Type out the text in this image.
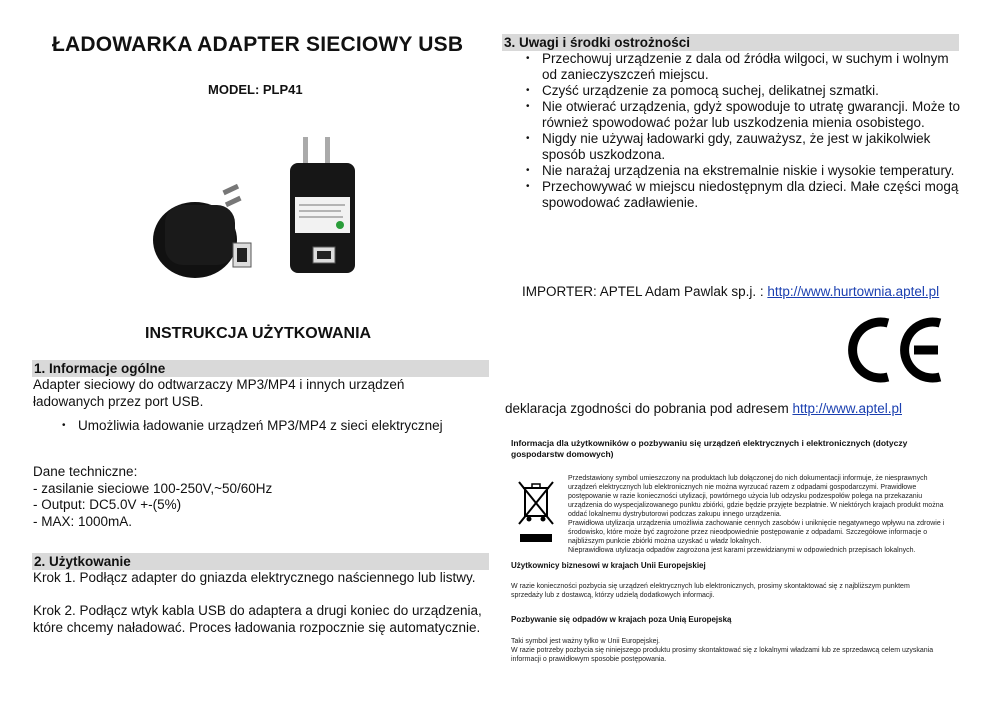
ŁADOWARKA ADAPTER SIECIOWY USB
MODEL: PLP41
INSTRUKCJA UŻYTKOWANIA
1. Informacje ogólne
Adapter sieciowy do odtwarzaczy MP3/MP4 i innych urządzeń ładowanych przez port USB.
• Umożliwia ładowanie urządzeń MP3/MP4 z sieci elektrycznej
Dane techniczne:
- zasilanie sieciowe 100-250V,~50/60Hz
- Output: DC5.0V +-(5%)
- MAX: 1000mA.
2. Użytkowanie
Krok 1. Podłącz adapter do gniazda elektrycznego naściennego lub listwy.
Krok 2. Podłącz wtyk kabla USB do adaptera a drugi koniec do urządzenia, które chcemy naładować. Proces ładowania rozpocznie się automatycznie.
3. Uwagi i środki ostrożności
• Przechowuj urządzenie z dala od źródła wilgoci, w suchym i wolnym od zanieczyszczeń miejscu.
• Czyść urządzenie za pomocą suchej, delikatnej szmatki.
• Nie otwierać urządzenia, gdyż spowoduje to utratę gwarancji. Może to również spowodować pożar lub uszkodzenia mienia osobistego.
• Nigdy nie używaj ładowarki gdy, zauważysz, że jest w jakikolwiek sposób uszkodzona.
• Nie narażaj urządzenia na ekstremalnie niskie i wysokie temperatury.
• Przechowywać w miejscu niedostępnym dla dzieci. Małe części mogą spowodować zadławienie.
IMPORTER: APTEL Adam Pawlak sp.j. : http://www.hurtownia.aptel.pl
deklaracja zgodności do pobrania pod adresem http://www.aptel.pl
Informacja dla użytkowników o pozbywaniu się urządzeń elektrycznych i elektronicznych (dotyczy gospodarstw domowych)
Przedstawiony symbol umieszczony na produktach lub dołączonej do nich dokumentacji informuje, że niesprawnych urządzeń elektrycznych lub elektronicznych nie można wyrzucać razem z odpadami gospodarczymi. Prawidłowe postępowanie w razie konieczności utylizacji, powtórnego użycia lub odzysku podzespołów polega na przekazaniu urządzenia do wyspecjalizowanego punktu zbiórki, gdzie będzie przyjęte bezpłatnie. W niektórych krajach produkt można oddać lokalnemu dystrybutorowi podczas zakupu innego urządzenia.
Prawidłowa utylizacja urządzenia umożliwia zachowanie cennych zasobów i uniknięcie negatywnego wpływu na zdrowie i środowisko, które może być zagrożone przez nieodpowiednie postępowanie z odpadami. Szczegółowe informacje o najbliższym punkcie zbiórki można uzyskać u władz lokalnych.
Nieprawidłowa utylizacja odpadów zagrożona jest karami przewidzianymi w odpowiednich przepisach lokalnych.
Użytkownicy biznesowi w krajach Unii Europejskiej
W razie konieczności pozbycia się urządzeń elektrycznych lub elektronicznych, prosimy skontaktować się z najbliższym punktem sprzedaży lub z dostawcą, którzy udzielą dodatkowych informacji.
Pozbywanie się odpadów w krajach poza Unią Europejską
Taki symbol jest ważny tylko w Unii Europejskej.
W razie potrzeby pozbycia się niniejszego produktu prosimy skontaktować się z lokalnymi władzami lub ze sprzedawcą celem uzyskania informacji o prawidłowym sposobie postępowania.
